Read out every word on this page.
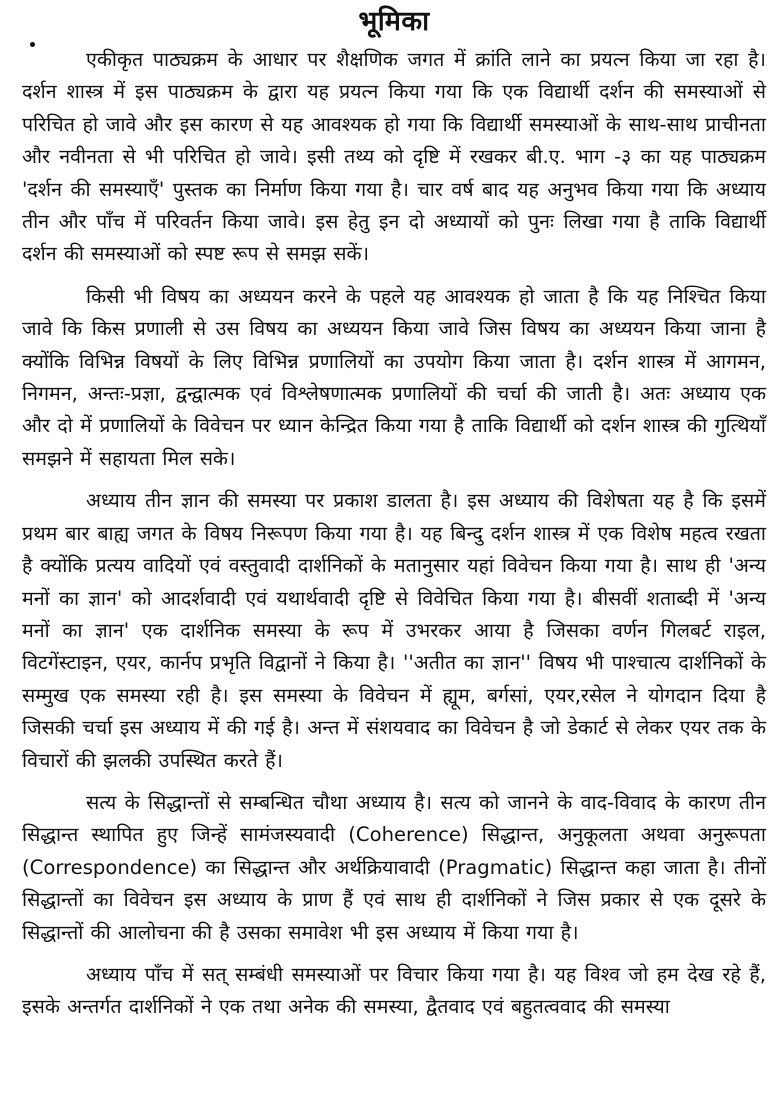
भूमिका

एकीकृत पाठ्यक्रम के आधार पर शैक्षणिक जगत में क्रांति लाने का प्रयत्न किया जा रहा है। दर्शन शास्त्र में इस पाठ्यक्रम के द्वारा यह प्रयत्न किया गया कि एक विद्यार्थी दर्शन की समस्याओं से परिचित हो जावे और इस कारण से यह आवश्यक हो गया कि विद्यार्थी समस्याओं के साथ-साथ प्राचीनता और नवीनता से भी परिचित हो जावे। इसी तथ्य को दृष्टि में रखकर बी.ए. भाग -३ का यह पाठ्यक्रम 'दर्शन की समस्याएँ' पुस्तक का निर्माण किया गया है। चार वर्ष बाद यह अनुभव किया गया कि अध्याय तीन और पाँच में परिवर्तन किया जावे। इस हेतु इन दो अध्यायों को पुनः लिखा गया है ताकि विद्यार्थी दर्शन की समस्याओं को स्पष्ट रूप से समझ सकें।

किसी भी विषय का अध्ययन करने के पहले यह आवश्यक हो जाता है कि यह निश्चित किया जावे कि किस प्रणाली से उस विषय का अध्ययन किया जावे जिस विषय का अध्ययन किया जाना है क्योंकि विभिन्न विषयों के लिए विभिन्न प्रणालियों का उपयोग किया जाता है। दर्शन शास्त्र में आगमन, निगमन, अन्तः-प्रज्ञा, द्वन्द्वात्मक एवं विश्लेषणात्मक प्रणालियों की चर्चा की जाती है। अतः अध्याय एक और दो में प्रणालियों के विवेचन पर ध्यान केन्द्रित किया गया है ताकि विद्यार्थी को दर्शन शास्त्र की गुत्थियाँ समझने में सहायता मिल सके।

अध्याय तीन ज्ञान की समस्या पर प्रकाश डालता है। इस अध्याय की विशेषता यह है कि इसमें प्रथम बार बाह्य जगत के विषय निरूपण किया गया है। यह बिन्दु दर्शन शास्त्र में एक विशेष महत्व रखता है क्योंकि प्रत्यय वादियों एवं वस्तुवादी दार्शनिकों के मतानुसार यहां विवेचन किया गया है। साथ ही 'अन्य मनों का ज्ञान' को आदर्शवादी एवं यथार्थवादी दृष्टि से विवेचित किया गया है। बीसवीं शताब्दी में 'अन्य मनों का ज्ञान' एक दार्शनिक समस्या के रूप में उभरकर आया है जिसका वर्णन गिलबर्ट राइल, विटगेंस्टाइन, एयर, कार्नप प्रभृति विद्वानों ने किया है। ''अतीत का ज्ञान'' विषय भी पाश्चात्य दार्शनिकों के सम्मुख एक समस्या रही है। इस समस्या के विवेचन में ह्यूम, बर्गसां, एयर,रसेल ने योगदान दिया है जिसकी चर्चा इस अध्याय में की गई है। अन्त में संशयवाद का विवेचन है जो डेकार्ट से लेकर एयर तक के विचारों की झलकी उपस्थित करते हैं।

सत्य के सिद्धान्तों से सम्बन्धित चौथा अध्याय है। सत्य को जानने के वाद-विवाद के कारण तीन सिद्धान्त स्थापित हुए जिन्हें सामंजस्यवादी (Coherence) सिद्धान्त, अनुकूलता अथवा अनुरूपता (Correspondence) का सिद्धान्त और अर्थक्रियावादी (Pragmatic) सिद्धान्त कहा जाता है। तीनों सिद्धान्तों का विवेचन इस अध्याय के प्राण हैं एवं साथ ही दार्शनिकों ने जिस प्रकार से एक दूसरे के सिद्धान्तों की आलोचना की है उसका समावेश भी इस अध्याय में किया गया है।

अध्याय पाँच में सत् सम्बंधी समस्याओं पर विचार किया गया है। यह विश्व जो हम देख रहे हैं, इसके अन्तर्गत दार्शनिकों ने एक तथा अनेक की समस्या, द्वैतवाद एवं बहुतत्ववाद की समस्या
